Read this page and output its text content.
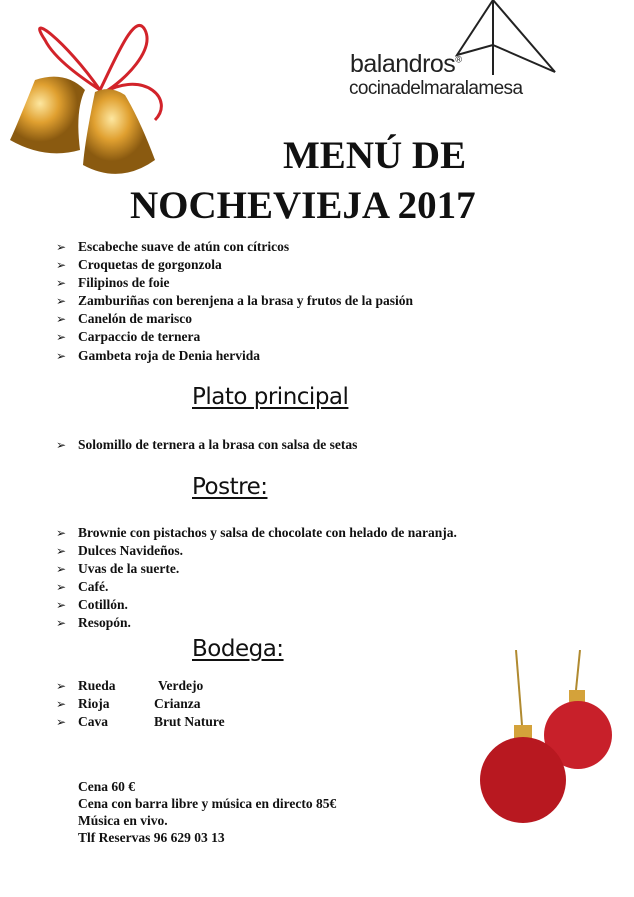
balandros®
cocinadelmaralamesa
MENÚ DE
NOCHEVIEJA 2017
➢ Escabeche suave de atún con cítricos
➢ Croquetas de gorgonzola
➢ Filipinos de foie
➢ Zamburiñas con berenjena a la brasa y frutos de la pasión
➢ Canelón de marisco
➢ Carpaccio de ternera
➢ Gambeta roja de Denia hervida
Plato principal
➢ Solomillo de ternera a la brasa con salsa de setas
Postre:
➢ Brownie con pistachos y salsa de chocolate con helado de naranja.
➢ Dulces Navideños.
➢ Uvas de la suerte.
➢ Café.
➢ Cotillón.
➢ Resopón.
Bodega:
➢ Rueda	Verdejo
➢ Rioja	Crianza
➢ Cava	Brut Nature
Cena 60 €
Cena con barra libre y música en directo 85€
Música en vivo.
Tlf Reservas 96 629 03 13
